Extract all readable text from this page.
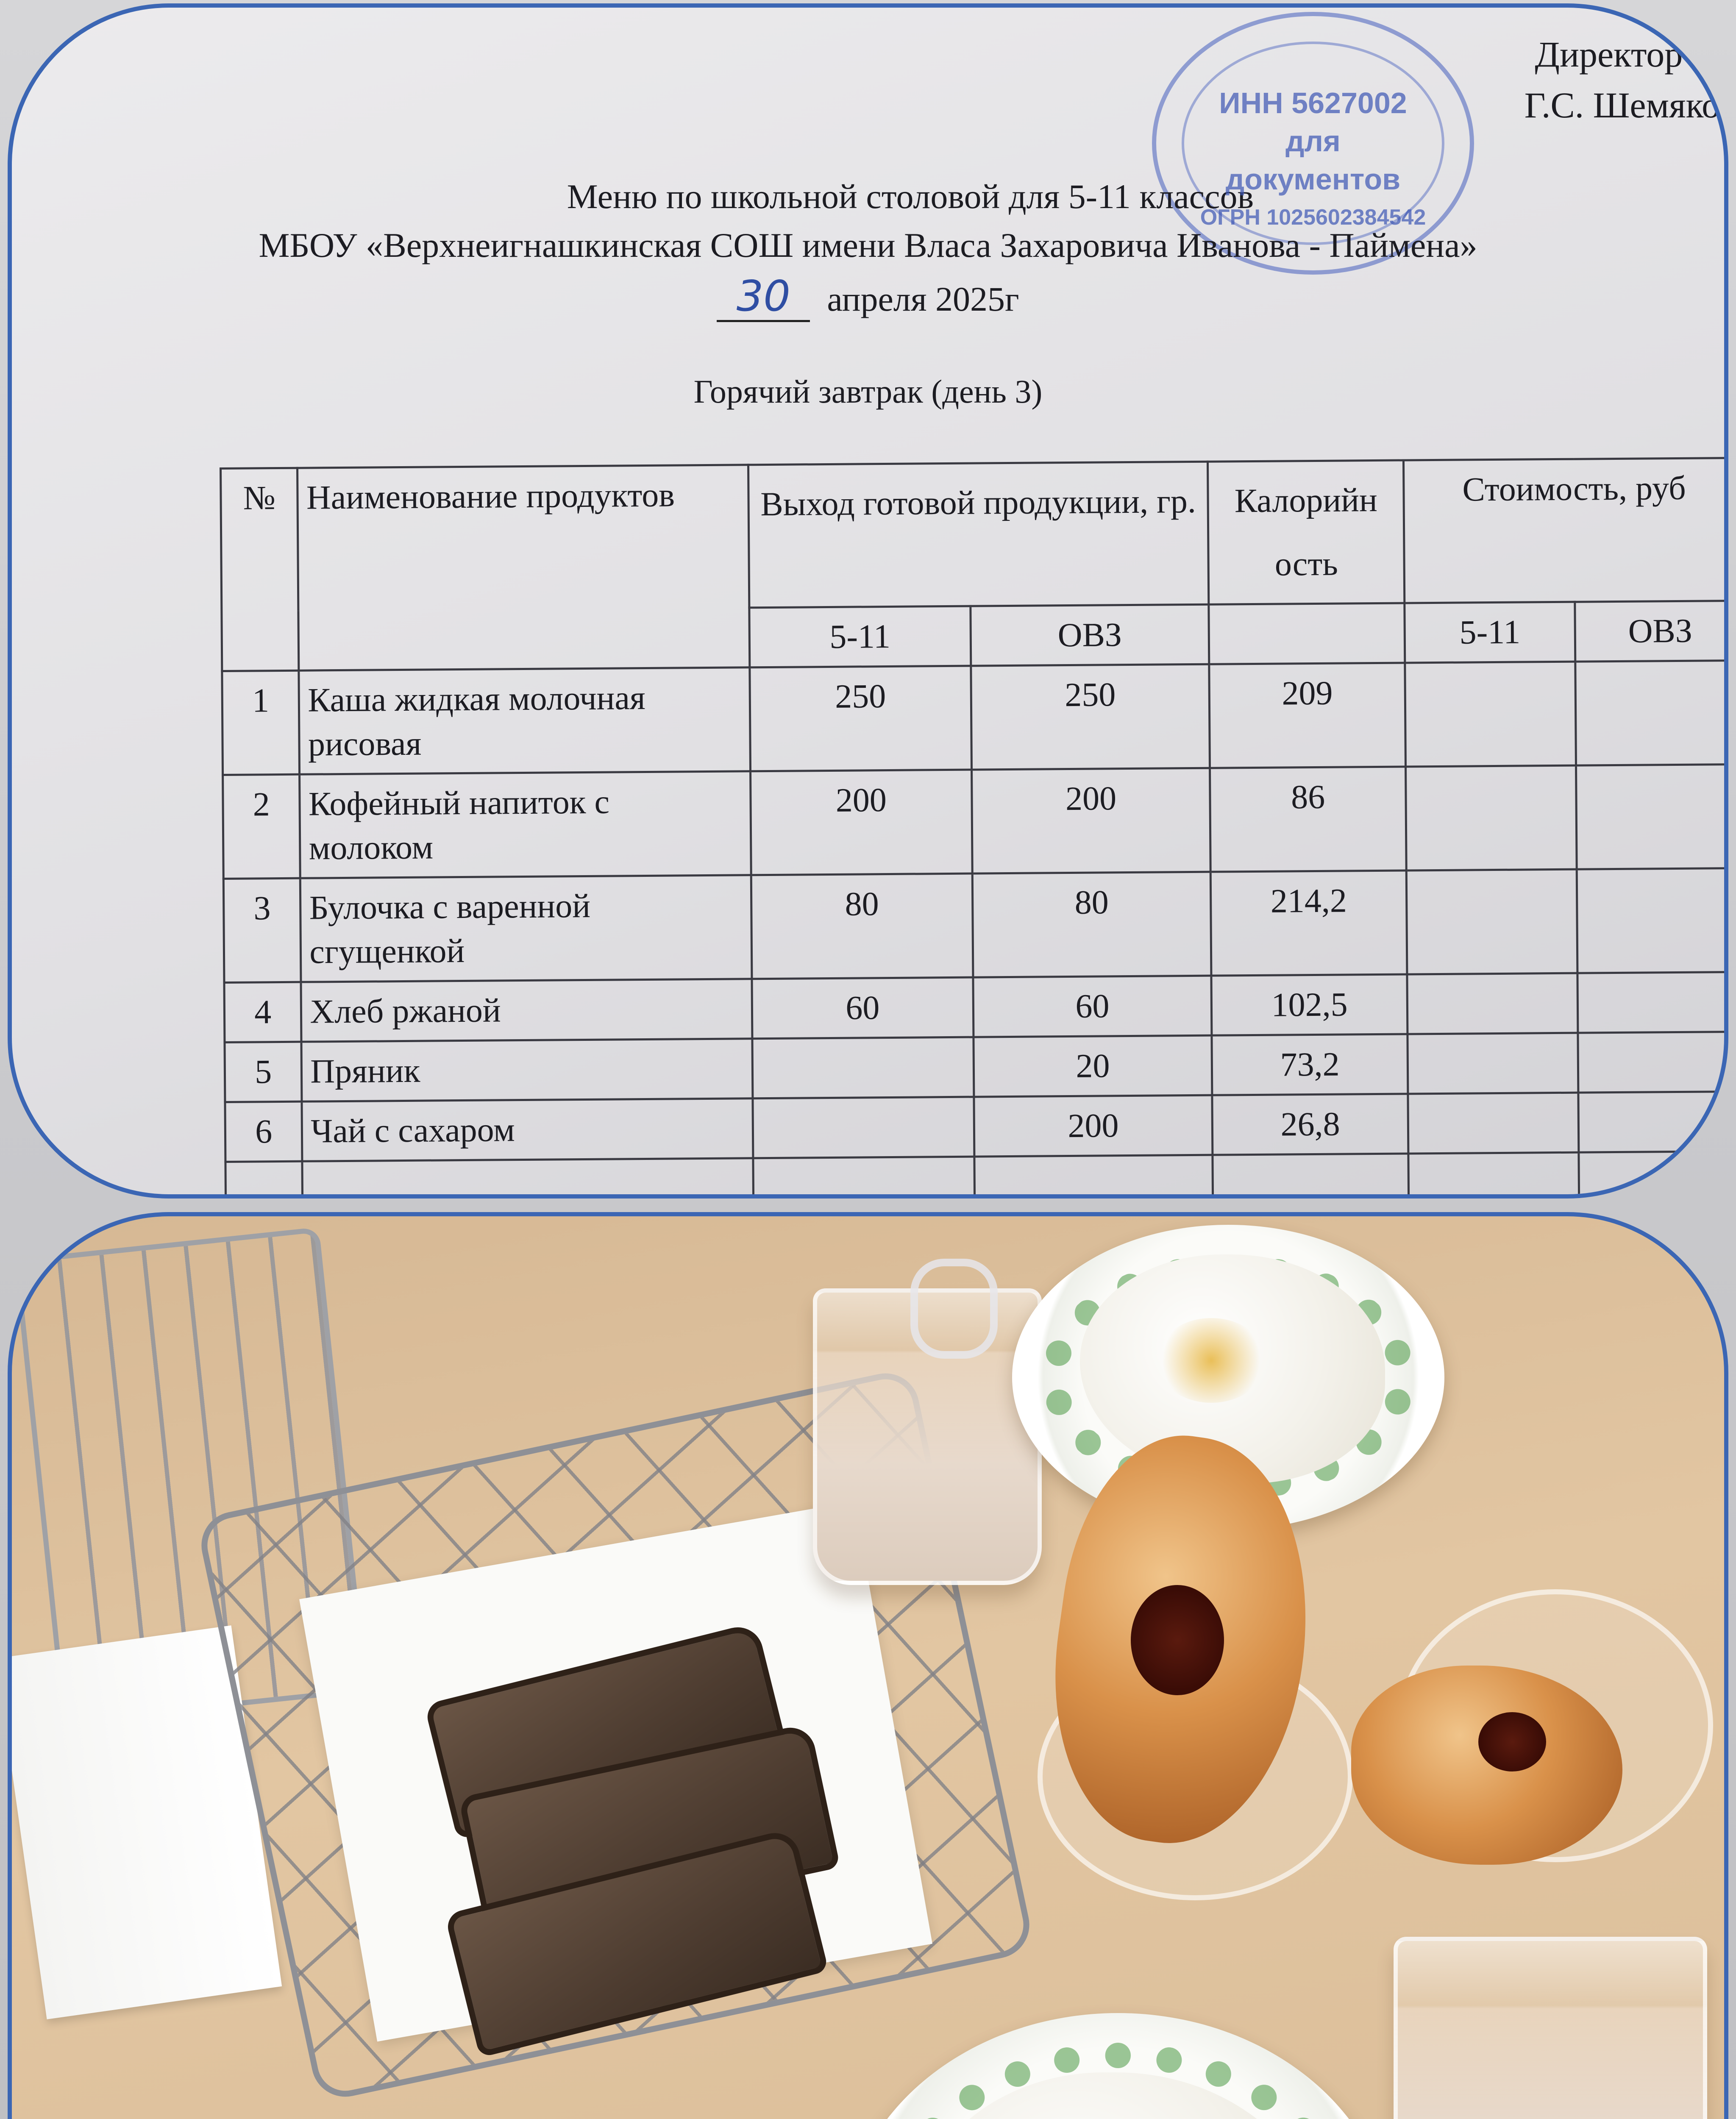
ИНН 5627002
для
документов
ОГРН 1025602384542
У
Директор ш
Г.С. Шемяко
Меню по школьной столовой для 5-11 классов
МБОУ «Верхнеигнашкинская СОШ имени Власа Захаровича Иванова - Паймена»
30 апреля 2025г
Горячий завтрак (день 3)
№	Наименование продуктов	Выход готовой продукции, гр.		Калорийн ость	Стоимость, руб	
		5-11	ОВЗ		5-11	ОВЗ
1	Каша жидкая молочная рисовая	250	250	209		
2	Кофейный напиток с молоком	200	200	86		
3	Булочка с варенной сгущенкой	80	80	214,2		
4	Хлеб ржаной	60	60	102,5		
5	Пряник		20	73,2		
6	Чай с сахаром		200	26,8		
